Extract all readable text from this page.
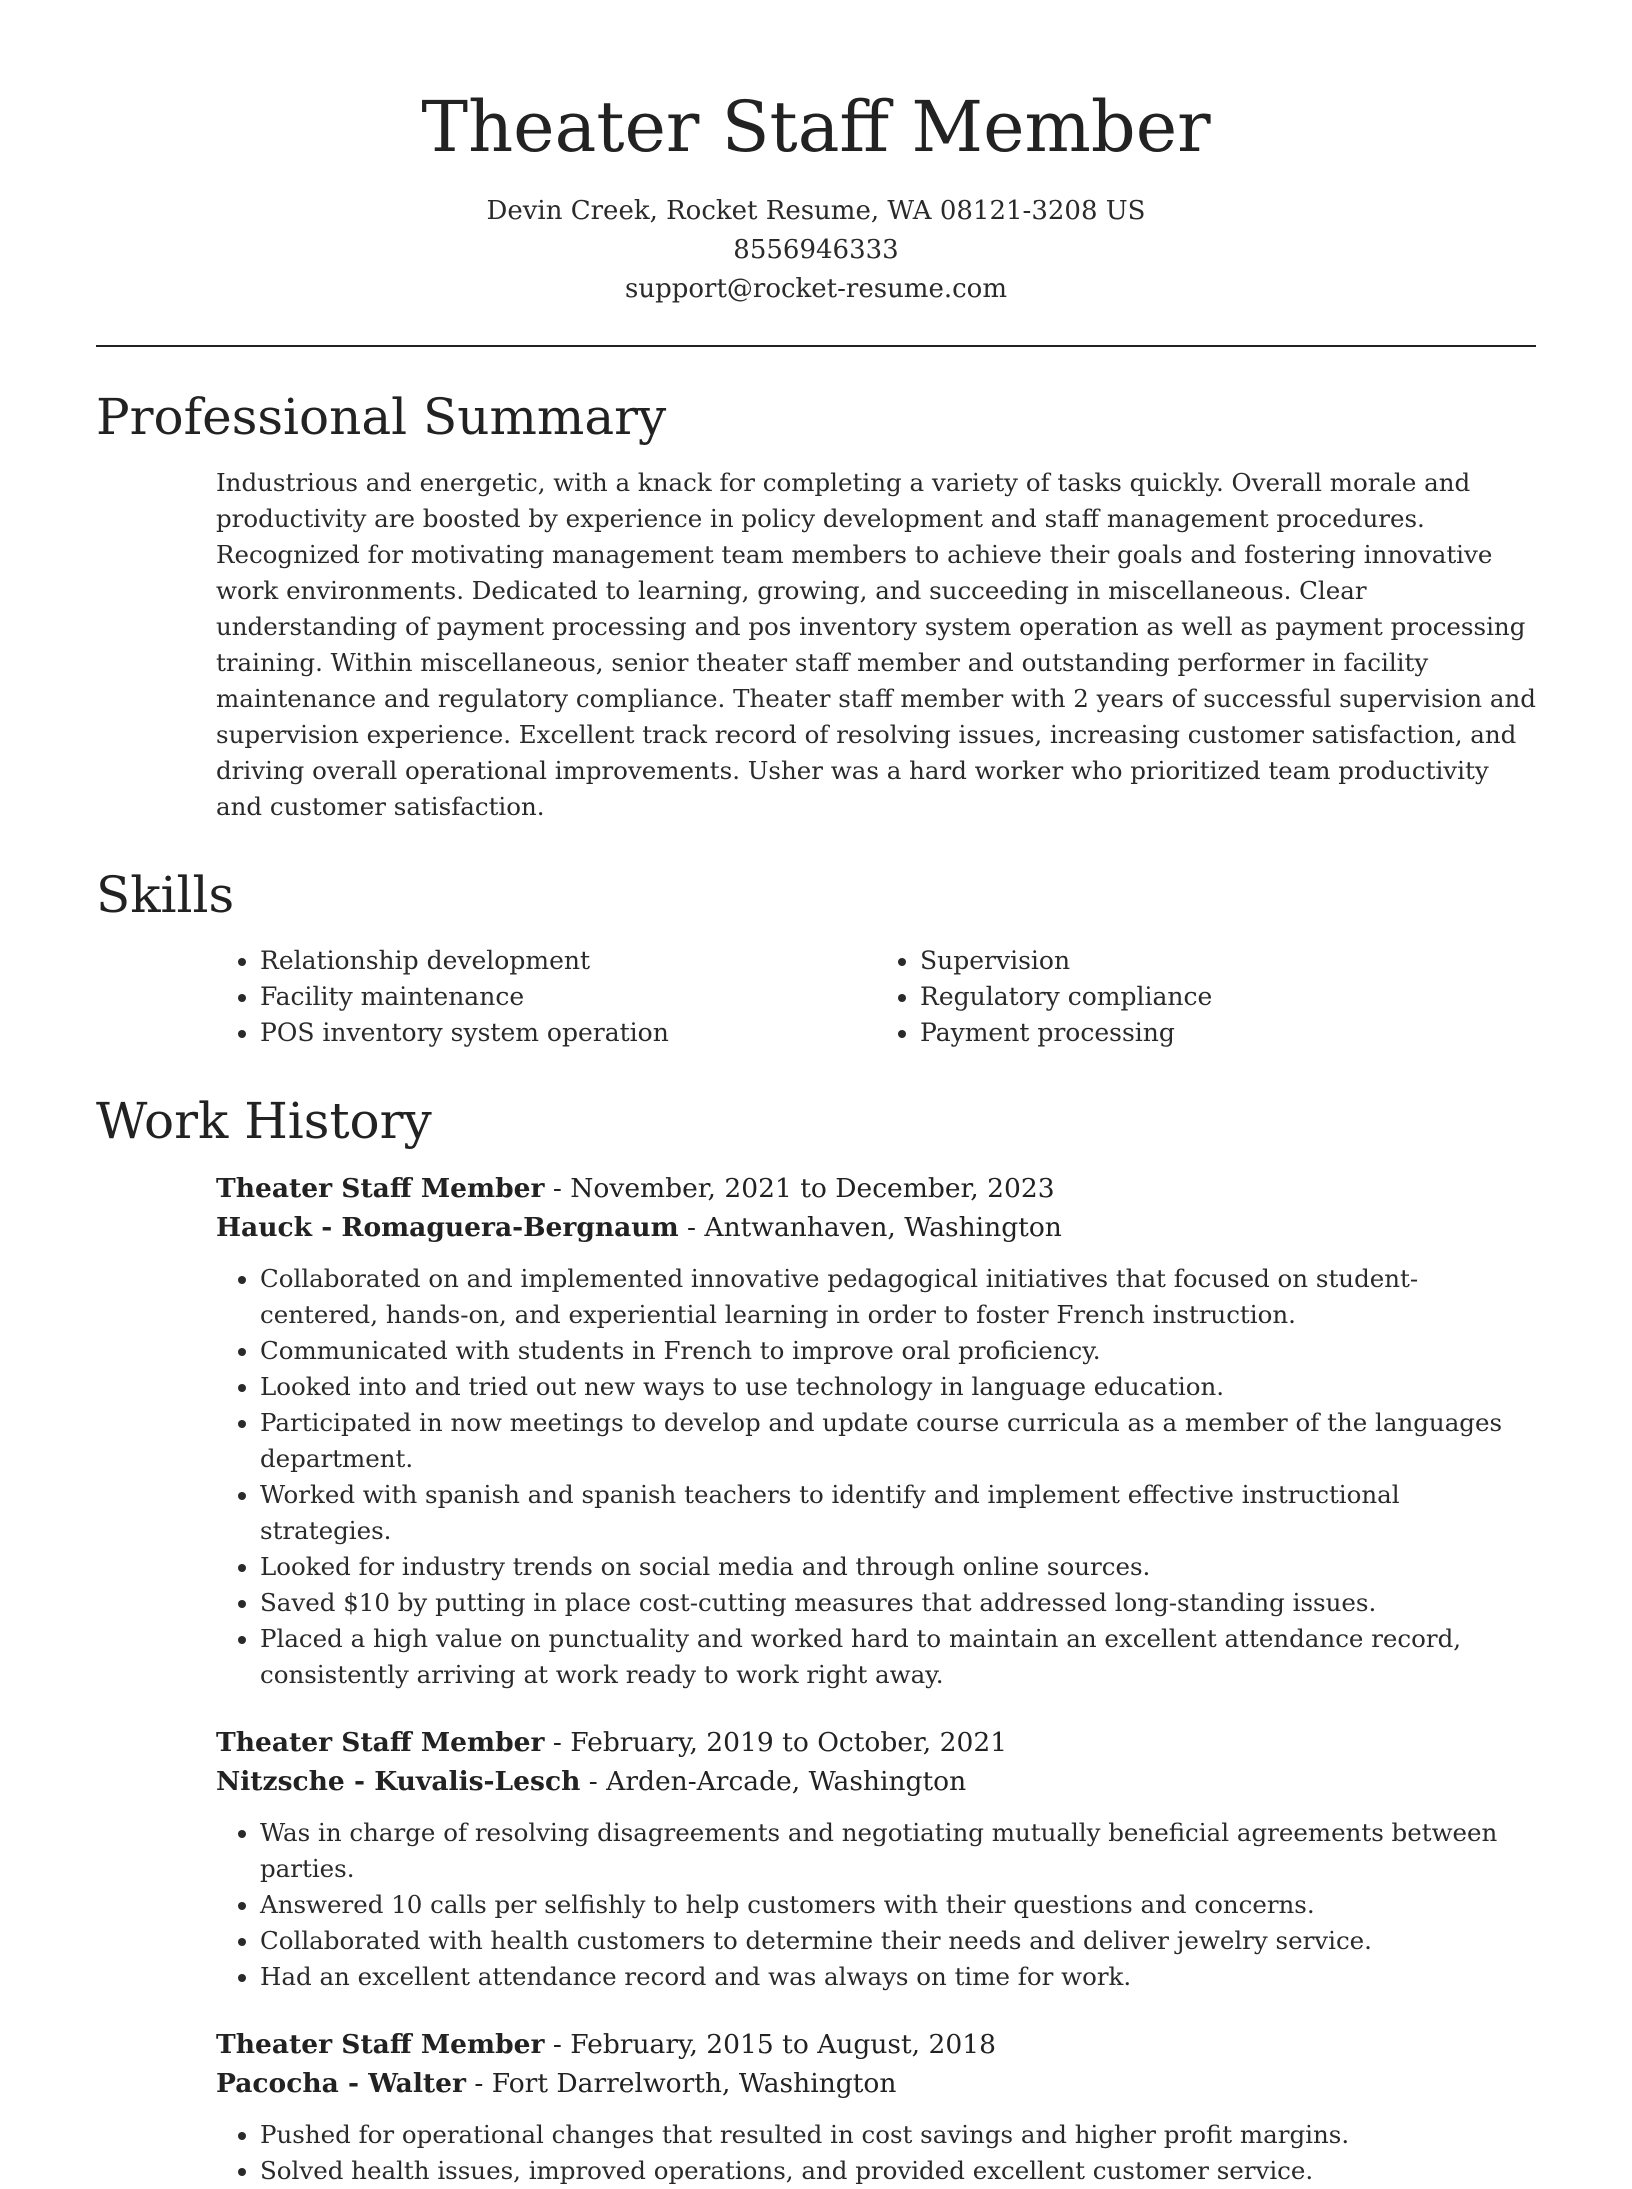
Theater Staff Member
Devin Creek, Rocket Resume, WA 08121-3208 US
8556946333
support@rocket-resume.com
Professional Summary

Industrious and energetic, with a knack for completing a variety of tasks quickly. Overall morale and productivity are boosted by experience in policy development and staff management procedures. Recognized for motivating management team members to achieve their goals and fostering innovative work environments. Dedicated to learning, growing, and succeeding in miscellaneous. Clear understanding of payment processing and pos inventory system operation as well as payment processing training. Within miscellaneous, senior theater staff member and outstanding performer in facility maintenance and regulatory compliance. Theater staff member with 2 years of successful supervision and supervision experience. Excellent track record of resolving issues, increasing customer satisfaction, and driving overall operational improvements. Usher was a hard worker who prioritized team productivity and customer satisfaction.

Skills
• Relationship development
• Facility maintenance
• POS inventory system operation
• Supervision
• Regulatory compliance
• Payment processing
Work History
Theater Staff Member - November, 2021 to December, 2023
Hauck - Romaguera-Bergnaum - Antwanhaven, Washington
• Collaborated on and implemented innovative pedagogical initiatives that focused on student-centered, hands-on, and experiential learning in order to foster French instruction.
• Communicated with students in French to improve oral proficiency.
• Looked into and tried out new ways to use technology in language education.
• Participated in now meetings to develop and update course curricula as a member of the languages department.
• Worked with spanish and spanish teachers to identify and implement effective instructional strategies.
• Looked for industry trends on social media and through online sources.
• Saved $10 by putting in place cost-cutting measures that addressed long-standing issues.
• Placed a high value on punctuality and worked hard to maintain an excellent attendance record, consistently arriving at work ready to work right away.
Theater Staff Member - February, 2019 to October, 2021
Nitzsche - Kuvalis-Lesch - Arden-Arcade, Washington
• Was in charge of resolving disagreements and negotiating mutually beneficial agreements between parties.
• Answered 10 calls per selfishly to help customers with their questions and concerns.
• Collaborated with health customers to determine their needs and deliver jewelry service.
• Had an excellent attendance record and was always on time for work.
Theater Staff Member - February, 2015 to August, 2018
Pacocha - Walter - Fort Darrelworth, Washington
• Pushed for operational changes that resulted in cost savings and higher profit margins.
• Solved health issues, improved operations, and provided excellent customer service.
